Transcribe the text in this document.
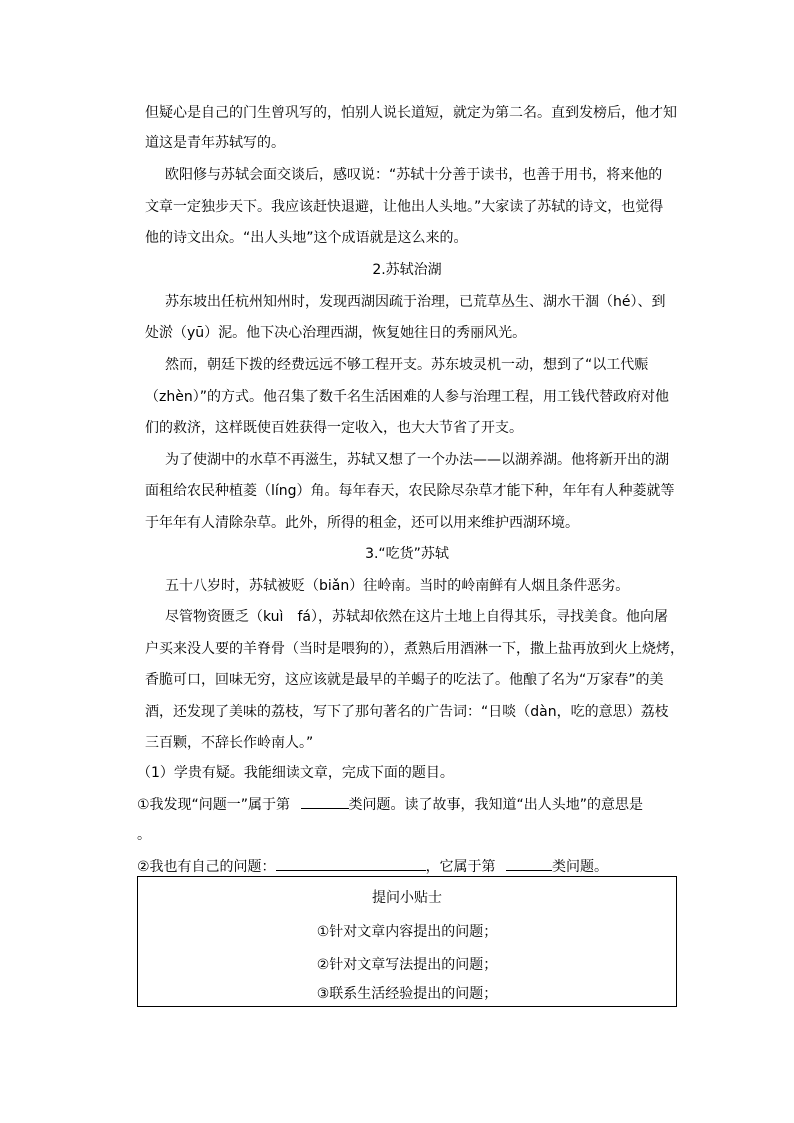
但疑心是自己的门生曾巩写的，怕别人说长道短，就定为第二名。直到发榜后，他才知
道这是青年苏轼写的。
欧阳修与苏轼会面交谈后，感叹说：“苏轼十分善于读书，也善于用书，将来他的
文章一定独步天下。我应该赶快退避，让他出人头地。”大家读了苏轼的诗文，也觉得
他的诗文出众。“出人头地”这个成语就是这么来的。
2.苏轼治湖
苏东坡出任杭州知州时，发现西湖因疏于治理，已荒草丛生、湖水干涸（hé）、到
处淤（yū）泥。他下决心治理西湖，恢复她往日的秀丽风光。
然而，朝廷下拨的经费远远不够工程开支。苏东坡灵机一动，想到了“以工代赈
（zhèn）”的方式。他召集了数千名生活困难的人参与治理工程，用工钱代替政府对他
们的救济，这样既使百姓获得一定收入，也大大节省了开支。
为了使湖中的水草不再滋生，苏轼又想了一个办法——以湖养湖。他将新开出的湖
面租给农民种植菱（líng）角。每年春天，农民除尽杂草才能下种，年年有人种菱就等
于年年有人清除杂草。此外，所得的租金，还可以用来维护西湖环境。
3.“吃货”苏轼
五十八岁时，苏轼被贬（biǎn）往岭南。当时的岭南鲜有人烟且条件恶劣。
尽管物资匮乏（kuì　fá），苏轼却依然在这片土地上自得其乐，寻找美食。他向屠
户买来没人要的羊脊骨（当时是喂狗的），煮熟后用酒淋一下，撒上盐再放到火上烧烤，
香脆可口，回味无穷，这应该就是最早的羊蝎子的吃法了。他酿了名为“万家春”的美
酒，还发现了美味的荔枝，写下了那句著名的广告词：“日啖（dàn，吃的意思）荔枝
三百颗，不辞长作岭南人。”
（1）学贵有疑。我能细读文章，完成下面的题目。
①我发现“问题一”属于第	类问题。读了故事，我知道“出人头地”的意思是
。
②我也有自己的问题：	，它属于第	类问题。
提问小贴士
①针对文章内容提出的问题；
②针对文章写法提出的问题；
③联系生活经验提出的问题；
